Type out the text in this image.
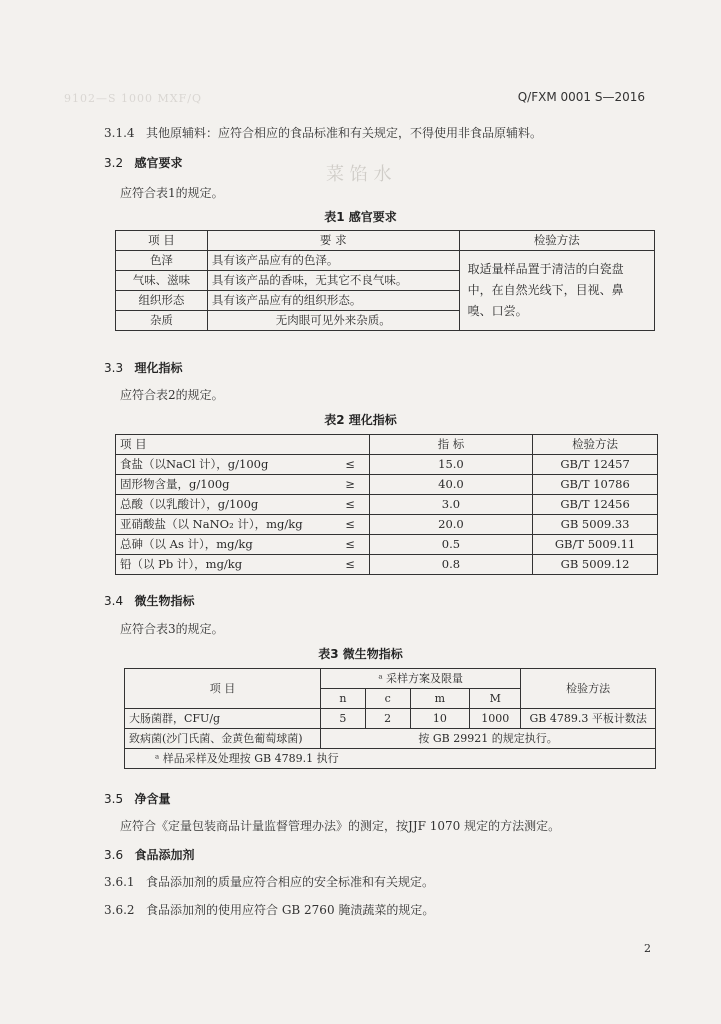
9102—S 1000 MXF/Q
菜 馅 水
Q/FXM 0001 S—2016
3.1.4 其他原辅料：应符合相应的食品标准和有关规定，不得使用非食品原辅料。
3.2 感官要求
应符合表1的规定。
表1 感官要求
项 目	要 求	检验方法
色泽	具有该产品应有的色泽。	取适量样品置于清洁的白瓷盘中，在自然光线下，目视、鼻嗅、口尝。
气味、滋味	具有该产品的香味，无其它不良气味。	
组织形态	具有该产品应有的组织形态。	
杂质	无肉眼可见外来杂质。	
3.3 理化指标
应符合表2的规定。
表2 理化指标
项 目		指 标	检验方法
食盐（以NaCl 计），g/100g	≤	15.0	GB/T 12457
固形物含量，g/100g	≥	40.0	GB/T 10786
总酸（以乳酸计），g/100g	≤	3.0	GB/T 12456
亚硝酸盐（以 NaNO₂ 计），mg/kg	≤	20.0	GB 5009.33
总砷（以 As 计），mg/kg	≤	0.5	GB/T 5009.11
铅（以 Pb 计），mg/kg	≤	0.8	GB 5009.12
3.4 微生物指标
应符合表3的规定。
表3 微生物指标
项 目	ᵃ 采样方案及限量				检验方法
	n	c	m	M	
大肠菌群，CFU/g	5	2	10	1000	GB 4789.3 平板计数法
致病菌(沙门氏菌、金黄色葡萄球菌)	按 GB 29921 的规定执行。				
ᵃ 样品采样及处理按 GB 4789.1 执行					
3.5 净含量
应符合《定量包装商品计量监督管理办法》的测定，按JJF 1070 规定的方法测定。
3.6 食品添加剂
3.6.1 食品添加剂的质量应符合相应的安全标准和有关规定。
3.6.2 食品添加剂的使用应符合 GB 2760 腌渍蔬菜的规定。
2
